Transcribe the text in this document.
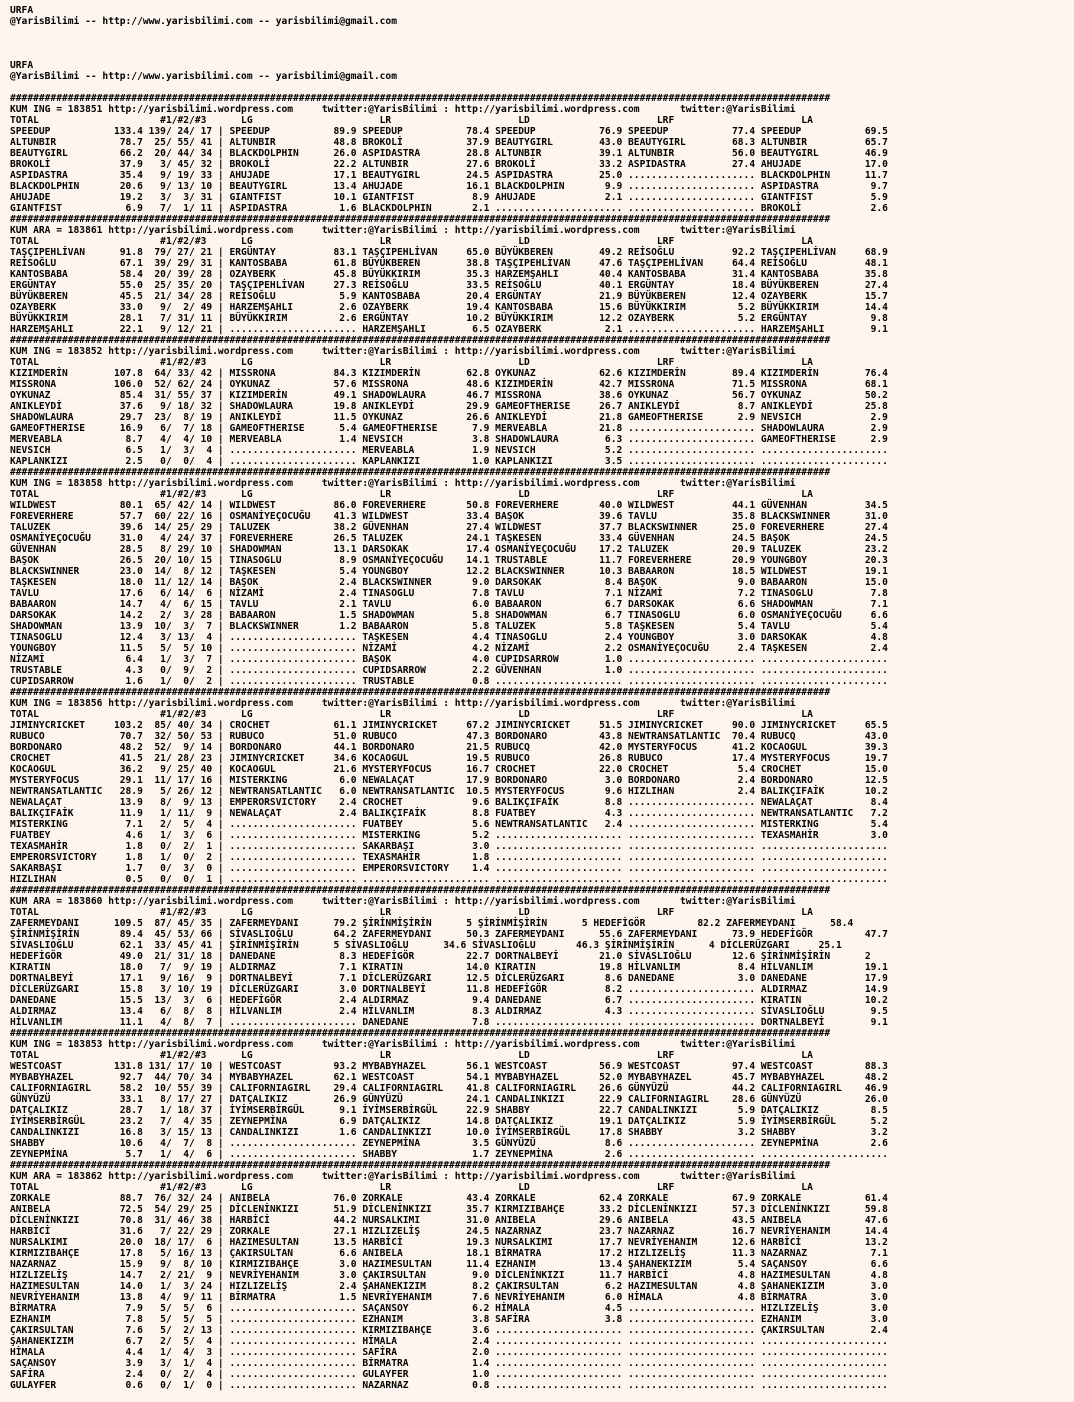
URFA
@YarisBilimi -- http://www.yarisbilimi.com -- yarisbilimi@gmail.com

URFA
@YarisBilimi -- http://www.yarisbilimi.com -- yarisbilimi@gmail.com

##############################################################################################################################################
KUM ING = 183851 http://yarisbilimi.wordpress.com     twitter:@YarisBilimi : http://yarisbilimi.wordpress.com       twitter:@YarisBilimi
TOTAL                     #1/#2/#3      LG                      LR                      LD                      LRF                      LA
SPEEDUP           133.4 139/ 24/ 17 | SPEEDUP           89.9 SPEEDUP           78.4 SPEEDUP           76.9 SPEEDUP           77.4 SPEEDUP           69.5
ALTUNBIR           78.7  25/ 55/ 41 | ALTUNBIR          48.8 BROKOLİ           37.9 BEAUTYGIRL        43.0 BEAUTYGIRL        68.3 ALTUNBIR          65.7
BEAUTYGIRL         66.2  20/ 44/ 34 | BLACKDOLPHIN      26.0 ASPIDASTRA        28.8 ALTUNBIR          39.1 ALTUNBIR          56.0 BEAUTYGIRL        46.9
BROKOLİ            37.9   3/ 45/ 32 | BROKOLİ           22.2 ALTUNBIR          27.6 BROKOLİ           33.2 ASPIDASTRA        27.4 AHUJADE           17.0
ASPIDASTRA         35.4   9/ 19/ 33 | AHUJADE           17.1 BEAUTYGIRL        24.5 ASPIDASTRA        25.0 ...................... BLACKDOLPHIN      11.7
BLACKDOLPHIN       20.6   9/ 13/ 10 | BEAUTYGIRL        13.4 AHUJADE           16.1 BLACKDOLPHIN       9.9 ...................... ASPIDASTRA         9.7
AHUJADE            19.2   3/  3/ 31 | GIANTFIST         10.1 GIANTFIST          8.9 AHUJADE            2.1 ...................... GIANTFIST          5.9
GIANTFIST           6.9   7/  1/ 11 | ASPIDASTRA         1.6 BLACKDOLPHIN       2.1 ...................... ...................... BROKOLİ            2.6
##############################################################################################################################################
KUM ARA = 183861 http://yarisbilimi.wordpress.com     twitter:@YarisBilimi : http://yarisbilimi.wordpress.com       twitter:@YarisBilimi
TOTAL                     #1/#2/#3      LG                      LR                      LD                      LRF                      LA
TAŞÇIPEHLİVAN      91.8  79/ 27/ 21 | ERGÜNTAY          83.1 TAŞÇIPEHLİVAN     65.0 BÜYÜKBEREN        49.2 REİSOĞLU          92.2 TAŞÇIPEHLİVAN     68.9
REİSOĞLU           67.1  39/ 29/ 31 | KANTOSBABA        61.8 BÜYÜKBEREN        38.8 TAŞÇIPEHLİVAN     47.6 TAŞÇIPEHLİVAN     64.4 REİSOĞLU          48.1
KANTOSBABA         58.4  20/ 39/ 28 | OZAYBERK          45.8 BÜYÜKKIRIM        35.3 HARZEMŞAHLI       40.4 KANTOSBABA        31.4 KANTOSBABA        35.8
ERGÜNTAY           55.0  25/ 35/ 20 | TAŞÇIPEHLİVAN     27.3 REİSOĞLU          33.5 REİSOĞLU          40.1 ERGÜNTAY          18.4 BÜYÜKBEREN        27.4
BÜYÜKBEREN         45.5  21/ 34/ 28 | REİSOĞLU           5.9 KANTOSBABA        20.4 ERGÜNTAY          21.9 BÜYÜKBEREN        12.4 OZAYBERK          15.7
OZAYBERK           33.0   9/  2/ 49 | HARZEMŞAHLI        2.6 OZAYBERK          19.4 KANTOSBABA        15.6 BÜYÜKKIRIM         5.2 BÜYÜKKIRIM        14.4
BÜYÜKKIRIM         28.1   7/ 31/ 11 | BÜYÜKKIRIM         2.6 ERGÜNTAY          10.2 BÜYÜKKIRIM        12.2 OZAYBERK           5.2 ERGÜNTAY           9.8
HARZEMŞAHLI        22.1   9/ 12/ 21 | ...................... HARZEMŞAHLI        6.5 OZAYBERK           2.1 ...................... HARZEMŞAHLI        9.1
##############################################################################################################################################
KUM ING = 183852 http://yarisbilimi.wordpress.com     twitter:@YarisBilimi : http://yarisbilimi.wordpress.com       twitter:@YarisBilimi
TOTAL                     #1/#2/#3      LG                      LR                      LD                      LRF                      LA
KIZIMDERİN        107.8  64/ 33/ 42 | MISSRONA          84.3 KIZIMDERİN        62.8 OYKUNAZ           62.6 KIZIMDERİN        89.4 KIZIMDERİN        76.4
MISSRONA          106.0  52/ 62/ 24 | OYKUNAZ           57.6 MISSRONA          48.6 KIZIMDERİN        42.7 MISSRONA          71.5 MISSRONA          68.1
OYKUNAZ            85.4  31/ 55/ 37 | KIZIMDERİN        49.1 SHADOWLAURA       46.7 MISSRONA          38.6 OYKUNAZ           56.7 OYKUNAZ           50.2
ANIKLEYDİ          37.6   9/ 18/ 32 | SHADOWLAURA       19.8 ANIKLEYDİ         29.9 GAMEOFTHERISE     26.7 ANIKLEYDİ          8.7 ANIKLEYDİ         25.8
SHADOWLAURA        29.7  23/  8/ 19 | ANIKLEYDİ         11.5 OYKUNAZ           26.6 ANIKLEYDİ         21.8 GAMEOFTHERISE      2.9 NEVSICH            2.9
GAMEOFTHERISE      16.9   6/  7/ 18 | GAMEOFTHERISE      5.4 GAMEOFTHERISE      7.9 MERVEABLA         21.8 ...................... SHADOWLAURA        2.9
MERVEABLA           8.7   4/  4/ 10 | MERVEABLA          1.4 NEVSICH            3.8 SHADOWLAURA        6.3 ...................... GAMEOFTHERISE      2.9
NEVSICH             6.5   1/  3/  4 | ...................... MERVEABLA          1.9 NEVSICH            5.2 ...................... ......................
KAPLANKIZI          2.5   0/  0/  4 | ...................... KAPLANKIZI         1.0 KAPLANKIZI         3.5 ...................... ......................
##############################################################################################################################################
KUM ING = 183858 http://yarisbilimi.wordpress.com     twitter:@YarisBilimi : http://yarisbilimi.wordpress.com       twitter:@YarisBilimi
TOTAL                     #1/#2/#3      LG                      LR                      LD                      LRF                      LA
WILDWEST           80.1  65/ 42/ 14 | WILDWEST          86.0 FOREVERHERE       50.8 FOREVERHERE       40.0 WILDWEST          44.1 GÜVENHAN          34.5
FOREVERHERE        57.7  60/ 22/ 16 | OSMANİYEÇOCUĞU    41.3 WILDWEST          33.4 BAŞOK             39.6 TAVLU             35.8 BLACKSWINNER      31.0
TALUZEK            39.6  14/ 25/ 29 | TALUZEK           38.2 GÜVENHAN          27.4 WILDWEST          37.7 BLACKSWINNER      25.0 FOREVERHERE       27.4
OSMANİYEÇOCUĞU     31.0   4/ 24/ 37 | FOREVERHERE       26.5 TALUZEK           24.1 TAŞKESEN          33.4 GÜVENHAN          24.5 BAŞOK             24.5
GÜVENHAN           28.5   8/ 29/ 10 | SHADOWMAN         13.1 DARSOKAK          17.4 OSMANİYEÇOCUĞU    17.2 TALUZEK           20.9 TALUZEK           23.2
BAŞOK              26.5  20/ 10/ 15 | TINASOGLU          8.9 OSMANİYEÇOCUĞU    14.1 TRUSTABLE         11.7 FOREVERHERE       20.9 YOUNGBOY          20.3
BLACKSWINNER       23.0  14/  8/ 12 | TAŞKESEN           5.4 YOUNGBOY          12.2 BLACKSWINNER      10.3 BABAARON          18.5 WILDWEST          19.1
TAŞKESEN           18.0  11/ 12/ 14 | BAŞOK              2.4 BLACKSWINNER       9.0 DARSOKAK           8.4 BAŞOK              9.0 BABAARON          15.0
TAVLU              17.6   6/ 14/  6 | NİZAMİ             2.4 TINASOGLU          7.8 TAVLU              7.1 NİZAMİ             7.2 TINASOGLU          7.8
BABAARON           14.7   4/  6/ 15 | TAVLU              2.1 TAVLU              6.0 BABAARON           6.7 DARSOKAK           6.6 SHADOWMAN          7.1
DARSOKAK           14.2   2/  3/ 28 | BABAARON           1.5 SHADOWMAN          5.8 SHADOWMAN          6.7 TINASOGLU          6.0 OSMANİYEÇOCUĞU     6.6
SHADOWMAN          13.9  10/  3/  7 | BLACKSWINNER       1.2 BABAARON           5.8 TALUZEK            5.8 TAŞKESEN           5.4 TAVLU              5.4
TINASOGLU          12.4   3/ 13/  4 | ...................... TAŞKESEN           4.4 TINASOGLU          2.4 YOUNGBOY           3.0 DARSOKAK           4.8
YOUNGBOY           11.5   5/  5/ 10 | ...................... NİZAMİ             4.2 NİZAMİ             2.2 OSMANİYEÇOCUĞU     2.4 TAŞKESEN           2.4
NİZAMİ              6.4   1/  3/  7 | ...................... BAŞOK              4.0 CUPIDSARROW        1.0 ...................... ......................
TRUSTABLE           4.3   0/  9/  2 | ...................... CUPIDSARROW        2.2 GÜVENHAN           1.0 ...................... ......................
CUPIDSARROW         1.6   1/  0/  2 | ...................... TRUSTABLE          0.8 ...................... ...................... ......................
##############################################################################################################################################
KUM ING = 183856 http://yarisbilimi.wordpress.com     twitter:@YarisBilimi : http://yarisbilimi.wordpress.com       twitter:@YarisBilimi
TOTAL                     #1/#2/#3      LG                      LR                      LD                      LRF                      LA
JIMINYCRICKET     103.2  85/ 40/ 34 | CROCHET           61.1 JIMINYCRICKET     67.2 JIMINYCRICKET     51.5 JIMINYCRICKET     90.0 JIMINYCRICKET     65.5
RUBUCO             70.7  32/ 50/ 53 | RUBUCO            51.0 RUBUCO            47.3 BORDONARO         43.8 NEWTRANSATLANTIC  70.4 RUBUCQ            43.0
BORDONARO          48.2  52/  9/ 14 | BORDONARO         44.1 BORDONARO         21.5 RUBUCQ            42.0 MYSTERYFOCUS      41.2 KOCAOGUL          39.3
CROCHET            41.5  21/ 28/ 23 | JIMINYCRICKET     34.6 KOCAOGUL          19.5 RUBUCO            26.8 RUBUCO            17.4 MYSTERYFOCUS      19.7
KOCAOGUL           36.2   9/ 25/ 40 | KOCAOGUL          21.6 MYSTERYFOCUS      16.7 CROCHET           22.0 CROCHET            5.4 CROCHET           15.0
MYSTERYFOCUS       29.1  11/ 17/ 16 | MISTERKING         6.0 NEWALAÇAT         17.9 BORDONARO          3.0 BORDONARO          2.4 BORDONARO         12.5
NEWTRANSATLANTIC   28.9   5/ 26/ 12 | NEWTRANSATLANTIC   6.0 NEWTRANSATLANTIC  10.5 MYSTERYFOCUS       9.6 HIZLIHAN           2.4 BALIKÇIFAİK       10.2
NEWALAÇAT          13.9   8/  9/ 13 | EMPERORSVICTORY    2.4 CROCHET            9.6 BALIKÇIFAİK        8.8 ...................... NEWALAÇAT          8.4
BALIKÇIFAİK        11.9   1/ 11/  9 | NEWALAÇAT          2.4 BALIKÇIFAİK        8.8 FUATBEY            4.3 ...................... NEWTRANSATLANTIC   7.2
MISTERKING          7.1   2/  5/  4 | ...................... FUATBEY            5.6 NEWTRANSATLANTIC   2.4 ...................... MISTERKING         5.4
FUATBEY             4.6   1/  3/  6 | ...................... MISTERKING         5.2 ...................... ...................... TEXASMAHİR         3.0
TEXASMAHİR          1.8   0/  2/  1 | ...................... SAKARBAŞI          3.0 ...................... ...................... ......................
EMPERORSVICTORY     1.8   1/  0/  2 | ...................... TEXASMAHİR         1.8 ...................... ...................... ......................
SAKARBAŞI           1.7   0/  3/  0 | ...................... EMPERORSVICTORY    1.4 ...................... ...................... ......................
HIZLIHAN            0.5   0/  0/  1 | ...................... ...................... ...................... ...................... ......................
##############################################################################################################################################
KUM ARA = 183860 http://yarisbilimi.wordpress.com     twitter:@YarisBilimi : http://yarisbilimi.wordpress.com       twitter:@YarisBilimi
TOTAL                     #1/#2/#3      LG                      LR                      LD                      LRF                      LA
ZAFERMEYDANI      109.5  87/ 45/ 35 | ZAFERMEYDANI      79.2 ŞİRİNMİŞİRİN      5 ŞİRİNMİŞİRİN      5 HEDEFİGÖR         82.2 ZAFERMEYDANI      58.4
ŞİRİNMİŞİRİN       89.4  45/ 53/ 66 | SİVASLIOĞLU       64.2 ZAFERMEYDANI      50.3 ZAFERMEYDANI      55.6 ZAFERMEYDANI      73.9 HEDEFİGÖR         47.7
SİVASLIOĞLU        62.1  33/ 45/ 41 | ŞİRİNMİŞİRİN      5 SİVASLIOĞLU      34.6 SİVASLIOĞLU       46.3 ŞİRİNMİŞİRİN      4 DİCLERÜZGARI     25.1
HEDEFİGÖR          49.0  21/ 31/ 18 | DANEDANE           8.3 HEDEFİGÖR         22.7 DORTNALBEYİ       21.0 SİVASLIOĞLU       12.6 ŞİRİNMİŞİRİN      2
KIRATIN            18.0   7/  9/ 19 | ALDIRMAZ           7.1 KIRATIN           14.0 KIRATIN           19.8 HİLVANLIM          8.4 HİLVANLIM         19.1
DORTNALBEYİ        17.1   9/ 16/  9 | DORTNALBEYİ        7.1 DİCLERÜZGARI      12.5 DİCLERÜZGARI       8.6 DANEDANE           3.0 DANEDANE          17.9
DİCLERÜZGARI       15.8   3/ 10/ 19 | DİCLERÜZGARI       3.0 DORTNALBEYİ       11.8 HEDEFİGÖR          8.2 ...................... ALDIRMAZ          14.9
DANEDANE           15.5  13/  3/  6 | HEDEFİGÖR          2.4 ALDIRMAZ           9.4 DANEDANE           6.7 ...................... KIRATIN           10.2
ALDIRMAZ           13.4   6/  8/  8 | HİLVANLIM          2.4 HİLVANLIM          8.3 ALDIRMAZ           4.3 ...................... SİVASLIOĞLU        9.5
HİLVANLIM          11.1   4/  8/  7 | ...................... DANEDANE           7.8 ...................... ...................... DORTNALBEYİ        9.1
##############################################################################################################################################
KUM ING = 183853 http://yarisbilimi.wordpress.com     twitter:@YarisBilimi : http://yarisbilimi.wordpress.com       twitter:@YarisBilimi
TOTAL                     #1/#2/#3      LG                      LR                      LD                      LRF                      LA
WESTCOAST         131.8 131/ 17/ 10 | WESTCOAST         93.2 MYBABYHAZEL       56.1 WESTCOAST         56.9 WESTCOAST         97.4 WESTCOAST         88.3
MYBABYHAZEL        92.7  44/ 70/ 34 | MYBABYHAZEL       62.1 WESTCOAST         54.1 MYBABYHAZEL       52.0 MYBABYHAZEL       45.7 MYBABYHAZEL       48.2
CALIFORNIAGIRL     58.2  10/ 55/ 39 | CALIFORNIAGIRL    29.4 CALIFORNIAGIRL    41.8 CALIFORNIAGIRL    26.6 GÜNYÜZÜ           44.2 CALIFORNIAGIRL    46.9
GÜNYÜZÜ            33.1   8/ 17/ 27 | DATÇALIKIZ        26.9 GÜNYÜZÜ           24.1 CANDALINKIZI      22.9 CALIFORNIAGIRL    28.6 GÜNYÜZÜ           26.0
DATÇALIKIZ         28.7   1/ 18/ 37 | İYİMSERBİRGÜL      9.1 İYİMSERBİRGÜL     22.9 SHABBY            22.7 CANDALINKIZI       5.9 DATÇALIKIZ         8.5
İYİMSERBİRGÜL      23.2   7/  4/ 35 | ZEYNEPMİNA         6.9 DATÇALIKIZ        14.8 DATÇALIKIZ        19.1 DATÇALIKIZ         5.9 İYİMSERBİRGÜL      5.2
CANDALINKIZI       16.8   3/ 15/ 13 | CANDALINKIZI       1.6 CANDALINKIZI      10.0 İYİMSERBİRGÜL     17.8 SHABBY             3.2 SHABBY             3.2
SHABBY             10.6   4/  7/  8 | ...................... ZEYNEPMİNA         3.5 GÜNYÜZÜ            8.6 ...................... ZEYNEPMİNA         2.6
ZEYNEPMİNA          5.7   1/  4/  6 | ...................... SHABBY             1.7 ZEYNEPMİNA         2.6 ...................... ......................
##############################################################################################################################################
KUM ARA = 183862 http://yarisbilimi.wordpress.com     twitter:@YarisBilimi : http://yarisbilimi.wordpress.com       twitter:@YarisBilimi
TOTAL                     #1/#2/#3      LG                      LR                      LD                      LRF                      LA
ZORKALE            88.7  76/ 32/ 24 | ANIBELA           76.0 ZORKALE           43.4 ZORKALE           62.4 ZORKALE           67.9 ZORKALE           61.4
ANIBELA            72.5  54/ 29/ 25 | DİCLENİNKIZI      51.9 DİCLENİNKIZI      35.7 KIRMIZIBAHÇE      33.2 DİCLENİNKIZI      57.3 DİCLENİNKIZI      59.8
DİCLENİNKIZI       70.8  31/ 46/ 38 | HARBİCİ           44.2 NURSALKIMI        31.0 ANIBELA           29.6 ANIBELA           43.5 ANIBELA           47.6
HARBİCİ            31.6   7/ 22/ 29 | ZORKALE           27.1 HIZLIZELİŞ        24.5 NAZARNAZ          23.7 NAZARNAZ          16.7 NEVRİYEHANIM      14.4
NURSALKIMI         20.0  18/ 17/  6 | HAZIMESULTAN      13.5 HARBİCİ           19.3 NURSALKIMI        17.7 NEVRİYEHANIM      12.6 HARBİCİ           13.2
KIRMIZIBAHÇE       17.8   5/ 16/ 13 | ÇAKIRSULTAN        6.6 ANIBELA           18.1 BİRMATRA          17.2 HIZLIZELİŞ        11.3 NAZARNAZ           7.1
NAZARNAZ           15.9   9/  8/ 10 | KIRMIZIBAHÇE       3.0 HAZIMESULTAN      11.4 EZHANIM           13.4 ŞAHANEKIZIM        5.4 SAÇANSOY           6.6
HIZLIZELİŞ         14.7   2/ 21/  9 | NEVRİYEHANIM       3.0 ÇAKIRSULTAN        9.0 DİCLENİNKIZI      11.7 HARBİCİ            4.8 HAZIMESULTAN       4.8
HAZIMESULTAN       14.0   1/  3/ 24 | HIZLIZELİŞ         2.4 ŞAHANEKIZIM        8.2 ÇAKIRSULTAN        6.2 HAZIMESULTAN       4.8 ŞAHANEKIZIM        3.0
NEVRİYEHANIM       13.8   4/  9/ 11 | BİRMATRA           1.5 NEVRİYEHANIM       7.6 NEVRİYEHANIM       6.0 HİMALA             4.8 BİRMATRA           3.0
BİRMATRA            7.9   5/  5/  6 | ...................... SAÇANSOY           6.2 HİMALA             4.5 ...................... HIZLIZELİŞ         3.0
EZHANIM             7.8   5/  5/  5 | ...................... EZHANIM            3.8 SAFİRA             3.8 ...................... EZHANIM            3.0
ÇAKIRSULTAN         7.6   5/  2/ 13 | ...................... KIRMIZIBAHÇE       3.6 ...................... ...................... ÇAKIRSULTAN        2.4
ŞAHANEKIZIM         6.7   2/  5/  4 | ...................... HİMALA             2.4 ...................... ...................... ......................
HİMALA              4.4   1/  4/  3 | ...................... SAFİRA             2.0 ...................... ...................... ......................
SAÇANSOY            3.9   3/  1/  4 | ...................... BİRMATRA           1.4 ...................... ...................... ......................
SAFİRA              2.4   0/  2/  4 | ...................... GULAYFER           1.0 ...................... ...................... ......................
GULAYFER            0.6   0/  1/  0 | ...................... NAZARNAZ           0.8 ...................... ...................... ......................
